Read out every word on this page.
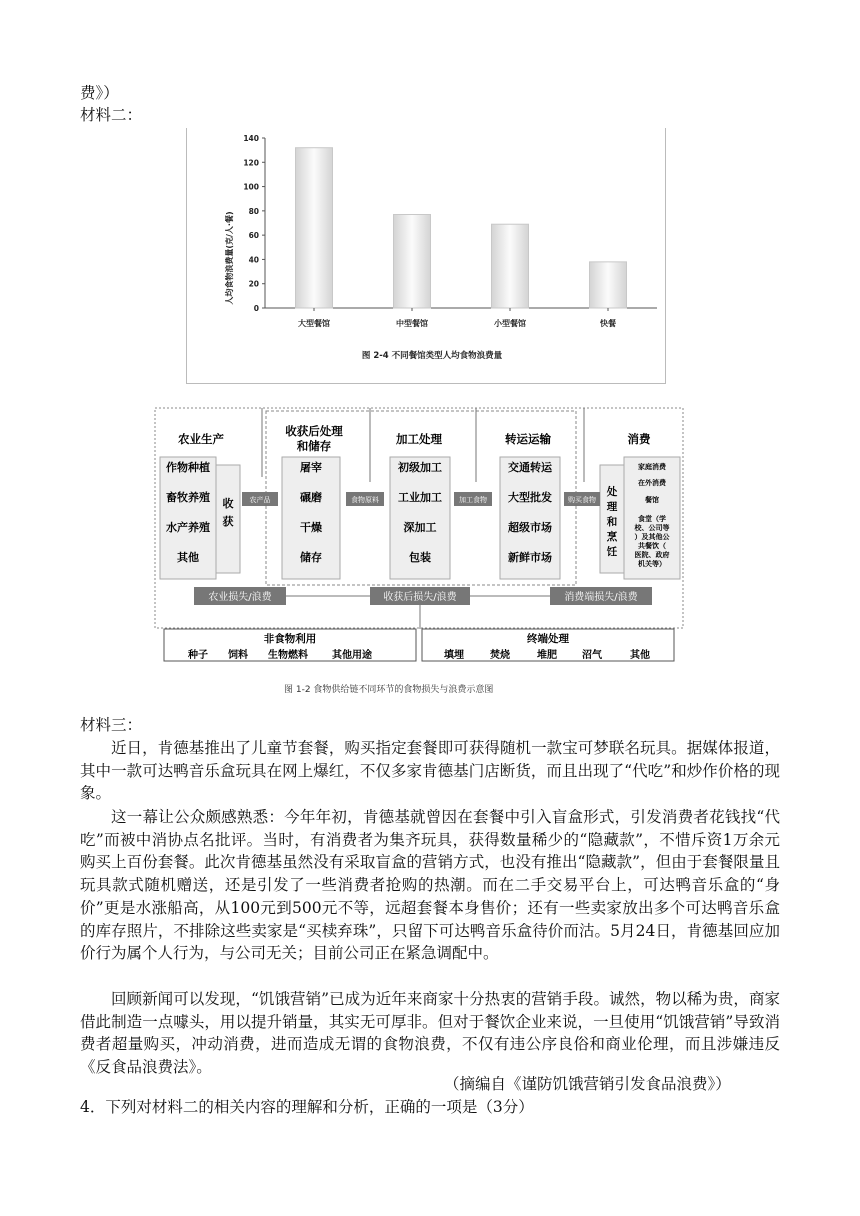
费》）
材料二：
人均食物浪费量(克/人·餐)
0
20
40
60
80
100
120
140
大型餐馆	中型餐馆	小型餐馆	快餐
图 2-4 不同餐馆类型人均食物浪费量
农业生产
收获后处理
和储存	加工处理	转运运输	消费
收
获
处
理
和
烹
饪
作物种植
畜牧养殖
水产养殖
其他
屠宰
碾磨
干燥
储存
初级加工
工业加工
深加工
包装
交通转运
大型批发
超级市场
新鲜市场
家庭消费
在外消费
餐馆
食堂（学
校、公司等
）及其他公
共餐饮（
医院、政府
机关等）
农产品	食物原料	加工食物	购买食物
农业损失/浪费	收获后损失/浪费	消费端损失/浪费
非食物利用	终端处理
种子 饲料 生物燃料 其他用途	填埋	焚烧	堆肥	沼气	其他
图 1-2 食物供给链不同环节的食物损失与浪费示意图
材料三：
近日，肯德基推出了儿童节套餐，购买指定套餐即可获得随机一款宝可梦联名玩具。据媒体报道，其中一款可达鸭音乐盒玩具在网上爆红，不仅多家肯德基门店断货，而且出现了“代吃”和炒作价格的现象。
这一幕让公众颇感熟悉：今年年初，肯德基就曾因在套餐中引入盲盒形式，引发消费者花钱找“代吃”而被中消协点名批评。当时，有消费者为集齐玩具，获得数量稀少的“隐藏款”，不惜斥资1万余元购买上百份套餐。此次肯德基虽然没有采取盲盒的营销方式，也没有推出“隐藏款”，但由于套餐限量且玩具款式随机赠送，还是引发了一些消费者抢购的热潮。而在二手交易平台上，可达鸭音乐盒的“身价”更是水涨船高，从100元到500元不等，远超套餐本身售价；还有一些卖家放出多个可达鸭音乐盒的库存照片，不排除这些卖家是“买椟弃珠”，只留下可达鸭音乐盒待价而沽。5月24日，肯德基回应加价行为属个人行为，与公司无关；目前公司正在紧急调配中。
回顾新闻可以发现，“饥饿营销”已成为近年来商家十分热衷的营销手段。诚然，物以稀为贵，商家借此制造一点噱头，用以提升销量，其实无可厚非。但对于餐饮企业来说，一旦使用“饥饿营销”导致消费者超量购买，冲动消费，进而造成无谓的食物浪费，不仅有违公序良俗和商业伦理，而且涉嫌违反《反食品浪费法》。
（摘编自《谨防饥饿营销引发食品浪费》）
4．下列对材料二的相关内容的理解和分析，正确的一项是（3分）
